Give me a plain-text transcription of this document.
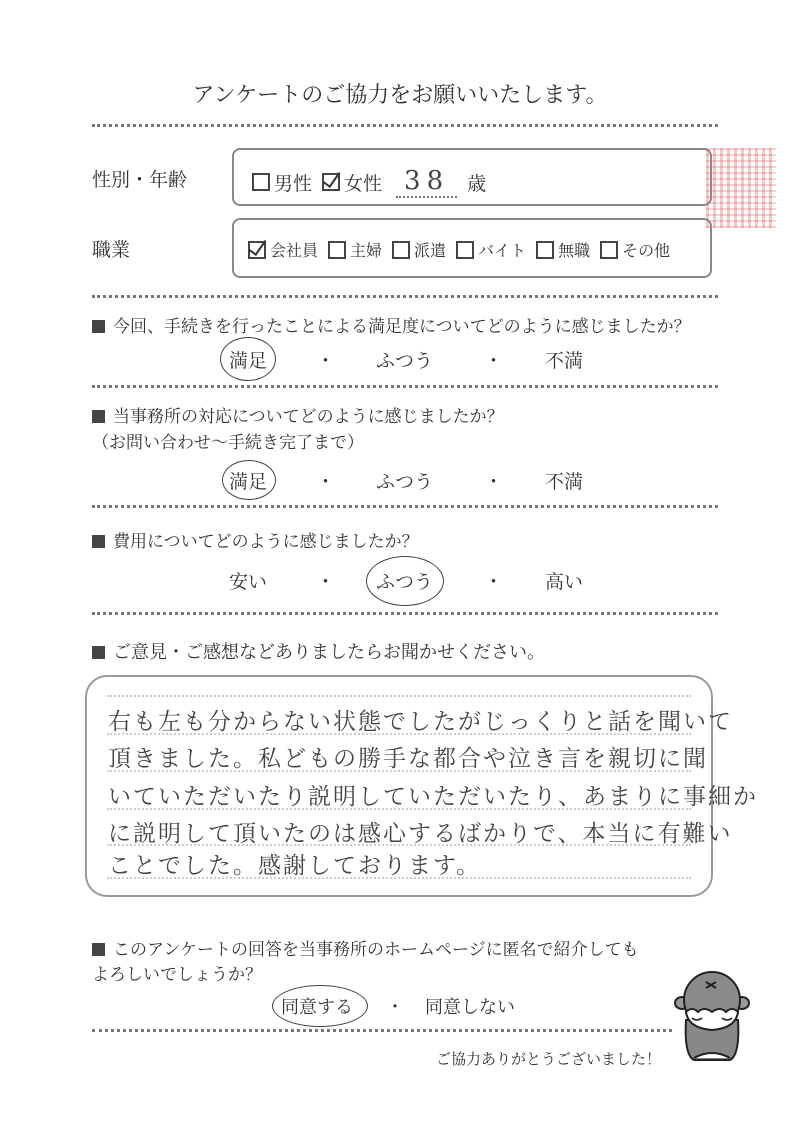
アンケートのご協力をお願いいたします。
性別・年齢	男性 女性 38 歳
職業	会社員 主婦 派遣 バイト 無職 その他
今回、手続きを行ったことによる満足度についてどのように感じましたか？
満足	・ ふつう	・ 不満
当事務所の対応についてどのように感じましたか？
（お問い合わせ〜手続き完了まで）
満足	・ ふつう	・ 不満
費用についてどのように感じましたか？
安い	・ ふつう	・ 高い
ご意見・ご感想などありましたらお聞かせください。
右も左も分からない状態でしたがじっくりと話を聞いて
頂きました。私どもの勝手な都合や泣き言を親切に聞
いていただいたり説明していただいたり、あまりに事細か
に説明して頂いたのは感心するばかりで、本当に有難い
ことでした。感謝しております。
このアンケートの回答を当事務所のホームページに匿名で紹介しても
よろしいでしょうか？
同意する ・ 同意しない
ご協力ありがとうございました！
